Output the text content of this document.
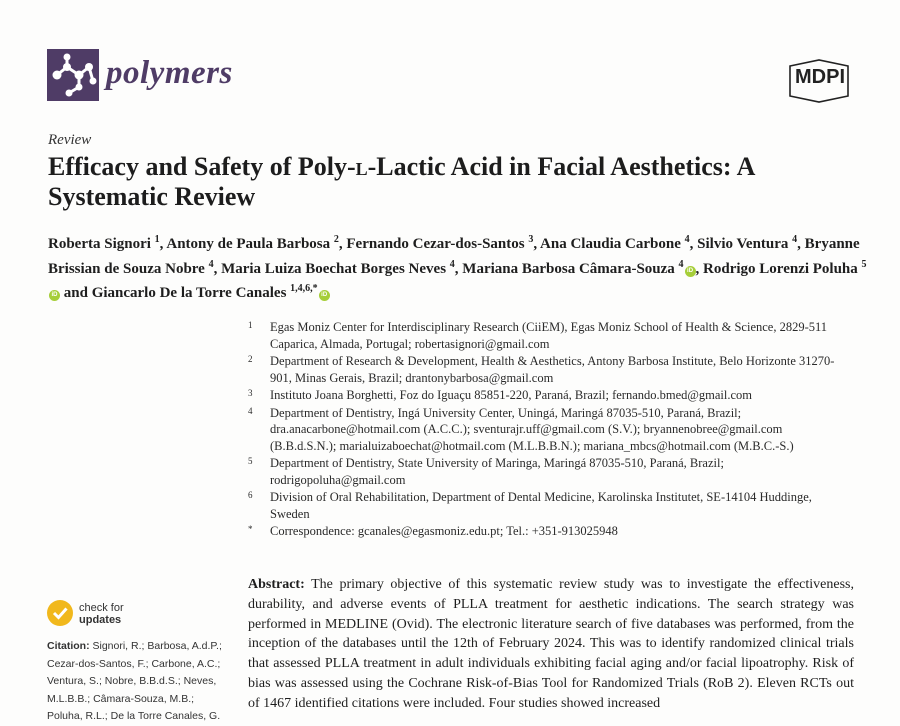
polymers	MDPI
Review
Efficacy and Safety of Poly-l-Lactic Acid in Facial Aesthetics: A Systematic Review
Roberta Signori $^1$, Antony de Paula Barbosa $^2$, Fernando Cezar-dos-Santos $^3$, Ana Claudia Carbone $^4$, Silvio Ventura $^4$, Bryanne Brissian de Souza Nobre $^4$, Maria Luiza Boechat Borges Neves $^4$, Mariana Barbosa Câmara-Souza $^4$iD , Rodrigo Lorenzi Poluha $^5$iD and Giancarlo De la Torre Canales $^{1,4,6,*}$iD
1 Egas Moniz Center for Interdisciplinary Research (CiiEM), Egas Moniz School of Health & Science, 2829-511 Caparica, Almada, Portugal; robertasignori@gmail.com
2 Department of Research & Development, Health & Aesthetics, Antony Barbosa Institute, Belo Horizonte 31270-901, Minas Gerais, Brazil; drantonybarbosa@gmail.com
3 Instituto Joana Borghetti, Foz do Iguaçu 85851-220, Paraná, Brazil; fernando.bmed@gmail.com
4 Department of Dentistry, Ingá University Center, Uningá, Maringá 87035-510, Paraná, Brazil; dra.anacarbone@hotmail.com (A.C.C.); sventurajr.uff@gmail.com (S.V.); bryannenobree@gmail.com (B.B.d.S.N.); marialuizaboechat@hotmail.com (M.L.B.B.N.); mariana_mbcs@hotmail.com (M.B.C.-S.)
5 Department of Dentistry, State University of Maringa, Maringá 87035-510, Paraná, Brazil; rodrigopoluha@gmail.com
6 Division of Oral Rehabilitation, Department of Dental Medicine, Karolinska Institutet, SE-14104 Huddinge, Sweden
* Correspondence: gcanales@egasmoniz.edu.pt; Tel.: +351-913025948
check for
updates
Citation: Signori, R.; Barbosa, A.d.P.; Cezar-dos-Santos, F.; Carbone, A.C.; Ventura, S.; Nobre, B.B.d.S.; Neves, M.L.B.B.; Câmara-Souza, M.B.; Poluha, R.L.; De la Torre Canales, G.
Abstract: The primary objective of this systematic review study was to investigate the effectiveness, durability, and adverse events of PLLA treatment for aesthetic indications. The search strategy was performed in MEDLINE (Ovid). The electronic literature search of five databases was performed, from the inception of the databases until the 12th of February 2024. This was to identify randomized clinical trials that assessed PLLA treatment in adult individuals exhibiting facial aging and/or facial lipoatrophy. Risk of bias was assessed using the Cochrane Risk-of-Bias Tool for Randomized Trials (RoB 2). Eleven RCTs out of 1467 identified citations were included. Four studies showed increased
